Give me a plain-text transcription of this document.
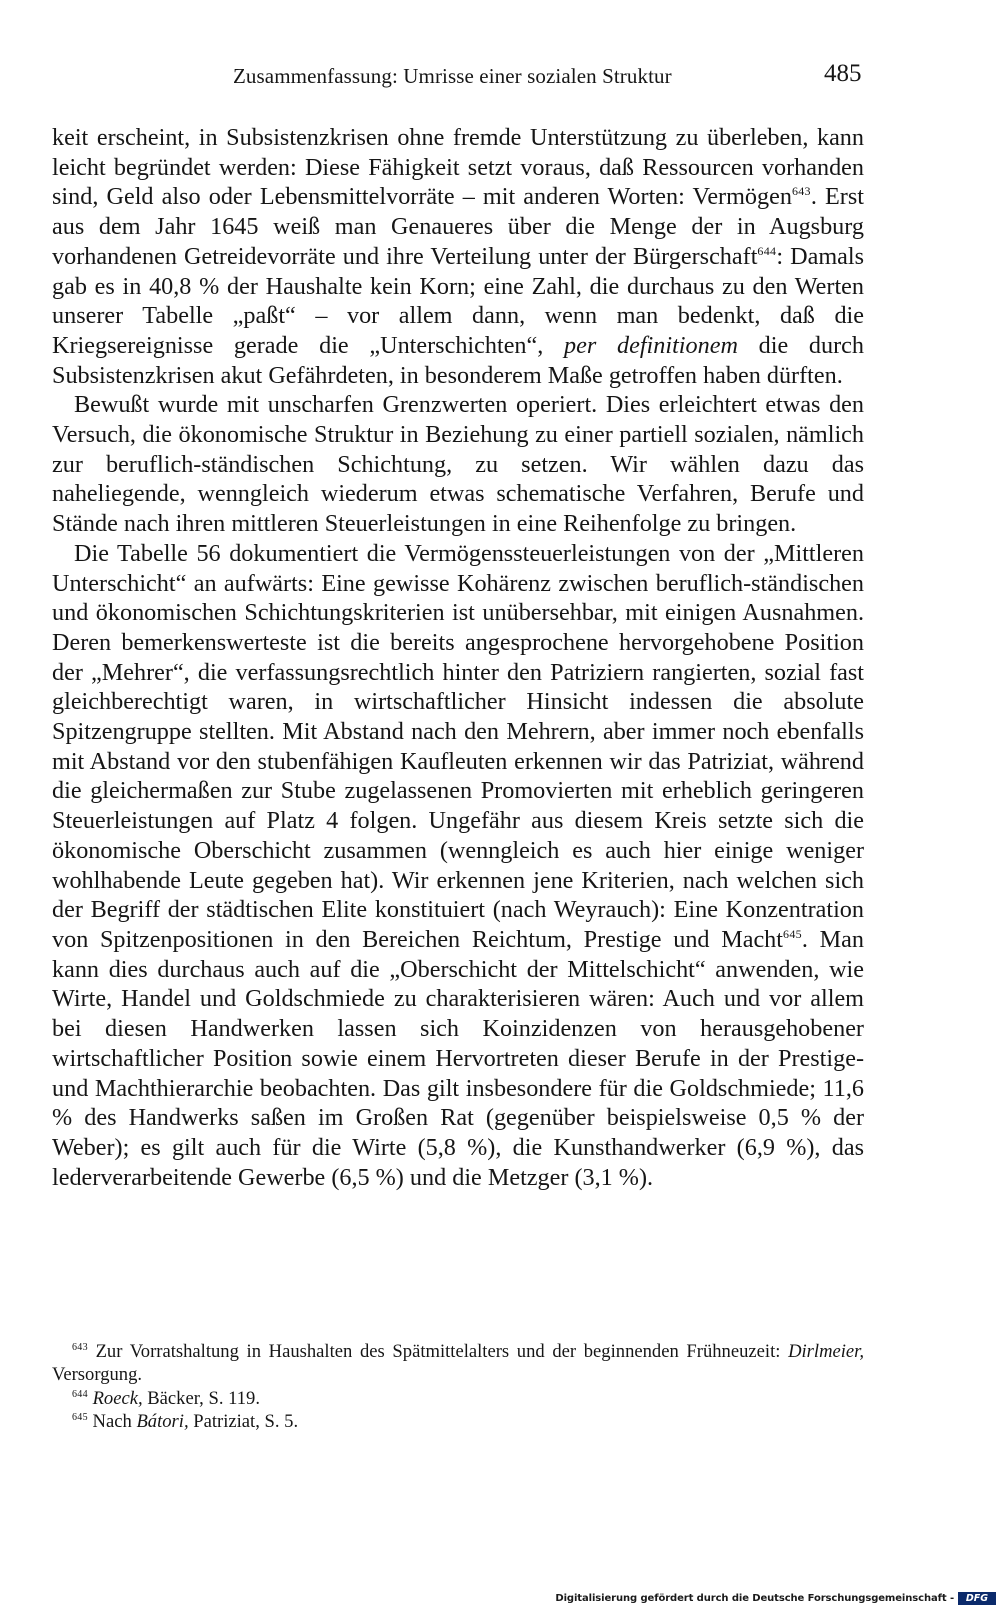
Zusammenfassung: Umrisse einer sozialen Struktur	485

keit erscheint, in Subsistenzkrisen ohne fremde Unterstützung zu überleben, kann leicht begründet werden: Diese Fähigkeit setzt voraus, daß Ressourcen vorhanden sind, Geld also oder Lebensmittelvorräte – mit anderen Worten: Vermögen$^{643}$. Erst aus dem Jahr 1645 weiß man Genaueres über die Menge der in Augsburg vorhandenen Getreidevorräte und ihre Verteilung unter der Bürgerschaft$^{644}$: Damals gab es in 40,8 % der Haushalte kein Korn; eine Zahl, die durchaus zu den Werten unserer Tabelle „paßt“ – vor allem dann, wenn man bedenkt, daß die Kriegsereignisse gerade die „Unterschichten“, per definitionem die durch Subsistenzkrisen akut Gefährdeten, in besonderem Maße getroffen haben dürften.

Bewußt wurde mit unscharfen Grenzwerten operiert. Dies erleichtert etwas den Versuch, die ökonomische Struktur in Beziehung zu einer partiell sozialen, nämlich zur beruflich-ständischen Schichtung, zu setzen. Wir wählen dazu das naheliegende, wenngleich wiederum etwas schematische Verfahren, Berufe und Stände nach ihren mittleren Steuerleistungen in eine Reihenfolge zu bringen.

Die Tabelle 56 dokumentiert die Vermögenssteuerleistungen von der „Mittleren Unterschicht“ an aufwärts: Eine gewisse Kohärenz zwischen beruflich-ständischen und ökonomischen Schichtungskriterien ist unübersehbar, mit einigen Ausnahmen. Deren bemerkenswerteste ist die bereits angesprochene hervorgehobene Position der „Mehrer“, die verfassungsrechtlich hinter den Patriziern rangierten, sozial fast gleichberechtigt waren, in wirtschaftlicher Hinsicht indessen die absolute Spitzengruppe stellten. Mit Abstand nach den Mehrern, aber immer noch ebenfalls mit Abstand vor den stubenfähigen Kaufleuten erkennen wir das Patriziat, während die gleichermaßen zur Stube zugelassenen Promovierten mit erheblich geringeren Steuerleistungen auf Platz 4 folgen. Ungefähr aus diesem Kreis setzte sich die ökonomische Oberschicht zusammen (wenngleich es auch hier einige weniger wohlhabende Leute gegeben hat). Wir erkennen jene Kriterien, nach welchen sich der Begriff der städtischen Elite konstituiert (nach Weyrauch): Eine Konzentration von Spitzenpositionen in den Bereichen Reichtum, Prestige und Macht$^{645}$. Man kann dies durchaus auch auf die „Oberschicht der Mittelschicht“ anwenden, wie Wirte, Handel und Goldschmiede zu charakterisieren wären: Auch und vor allem bei diesen Handwerken lassen sich Koinzidenzen von herausgehobener wirtschaftlicher Position sowie einem Hervortreten dieser Berufe in der Prestige- und Machthierarchie beobachten. Das gilt insbesondere für die Goldschmiede; 11,6 % des Handwerks saßen im Großen Rat (gegenüber beispielsweise 0,5 % der Weber); es gilt auch für die Wirte (5,8 %), die Kunsthandwerker (6,9 %), das lederverarbeitende Gewerbe (6,5 %) und die Metzger (3,1 %).

$^{643}$ Zur Vorratshaltung in Haushalten des Spätmittelalters und der beginnenden Frühneuzeit: Dirlmeier, Versorgung.

$^{644}$ Roeck, Bäcker, S. 119.

$^{645}$ Nach Bátori, Patriziat, S. 5.

Digitalisierung gefördert durch die Deutsche Forschungsgemeinschaft -	DFG
